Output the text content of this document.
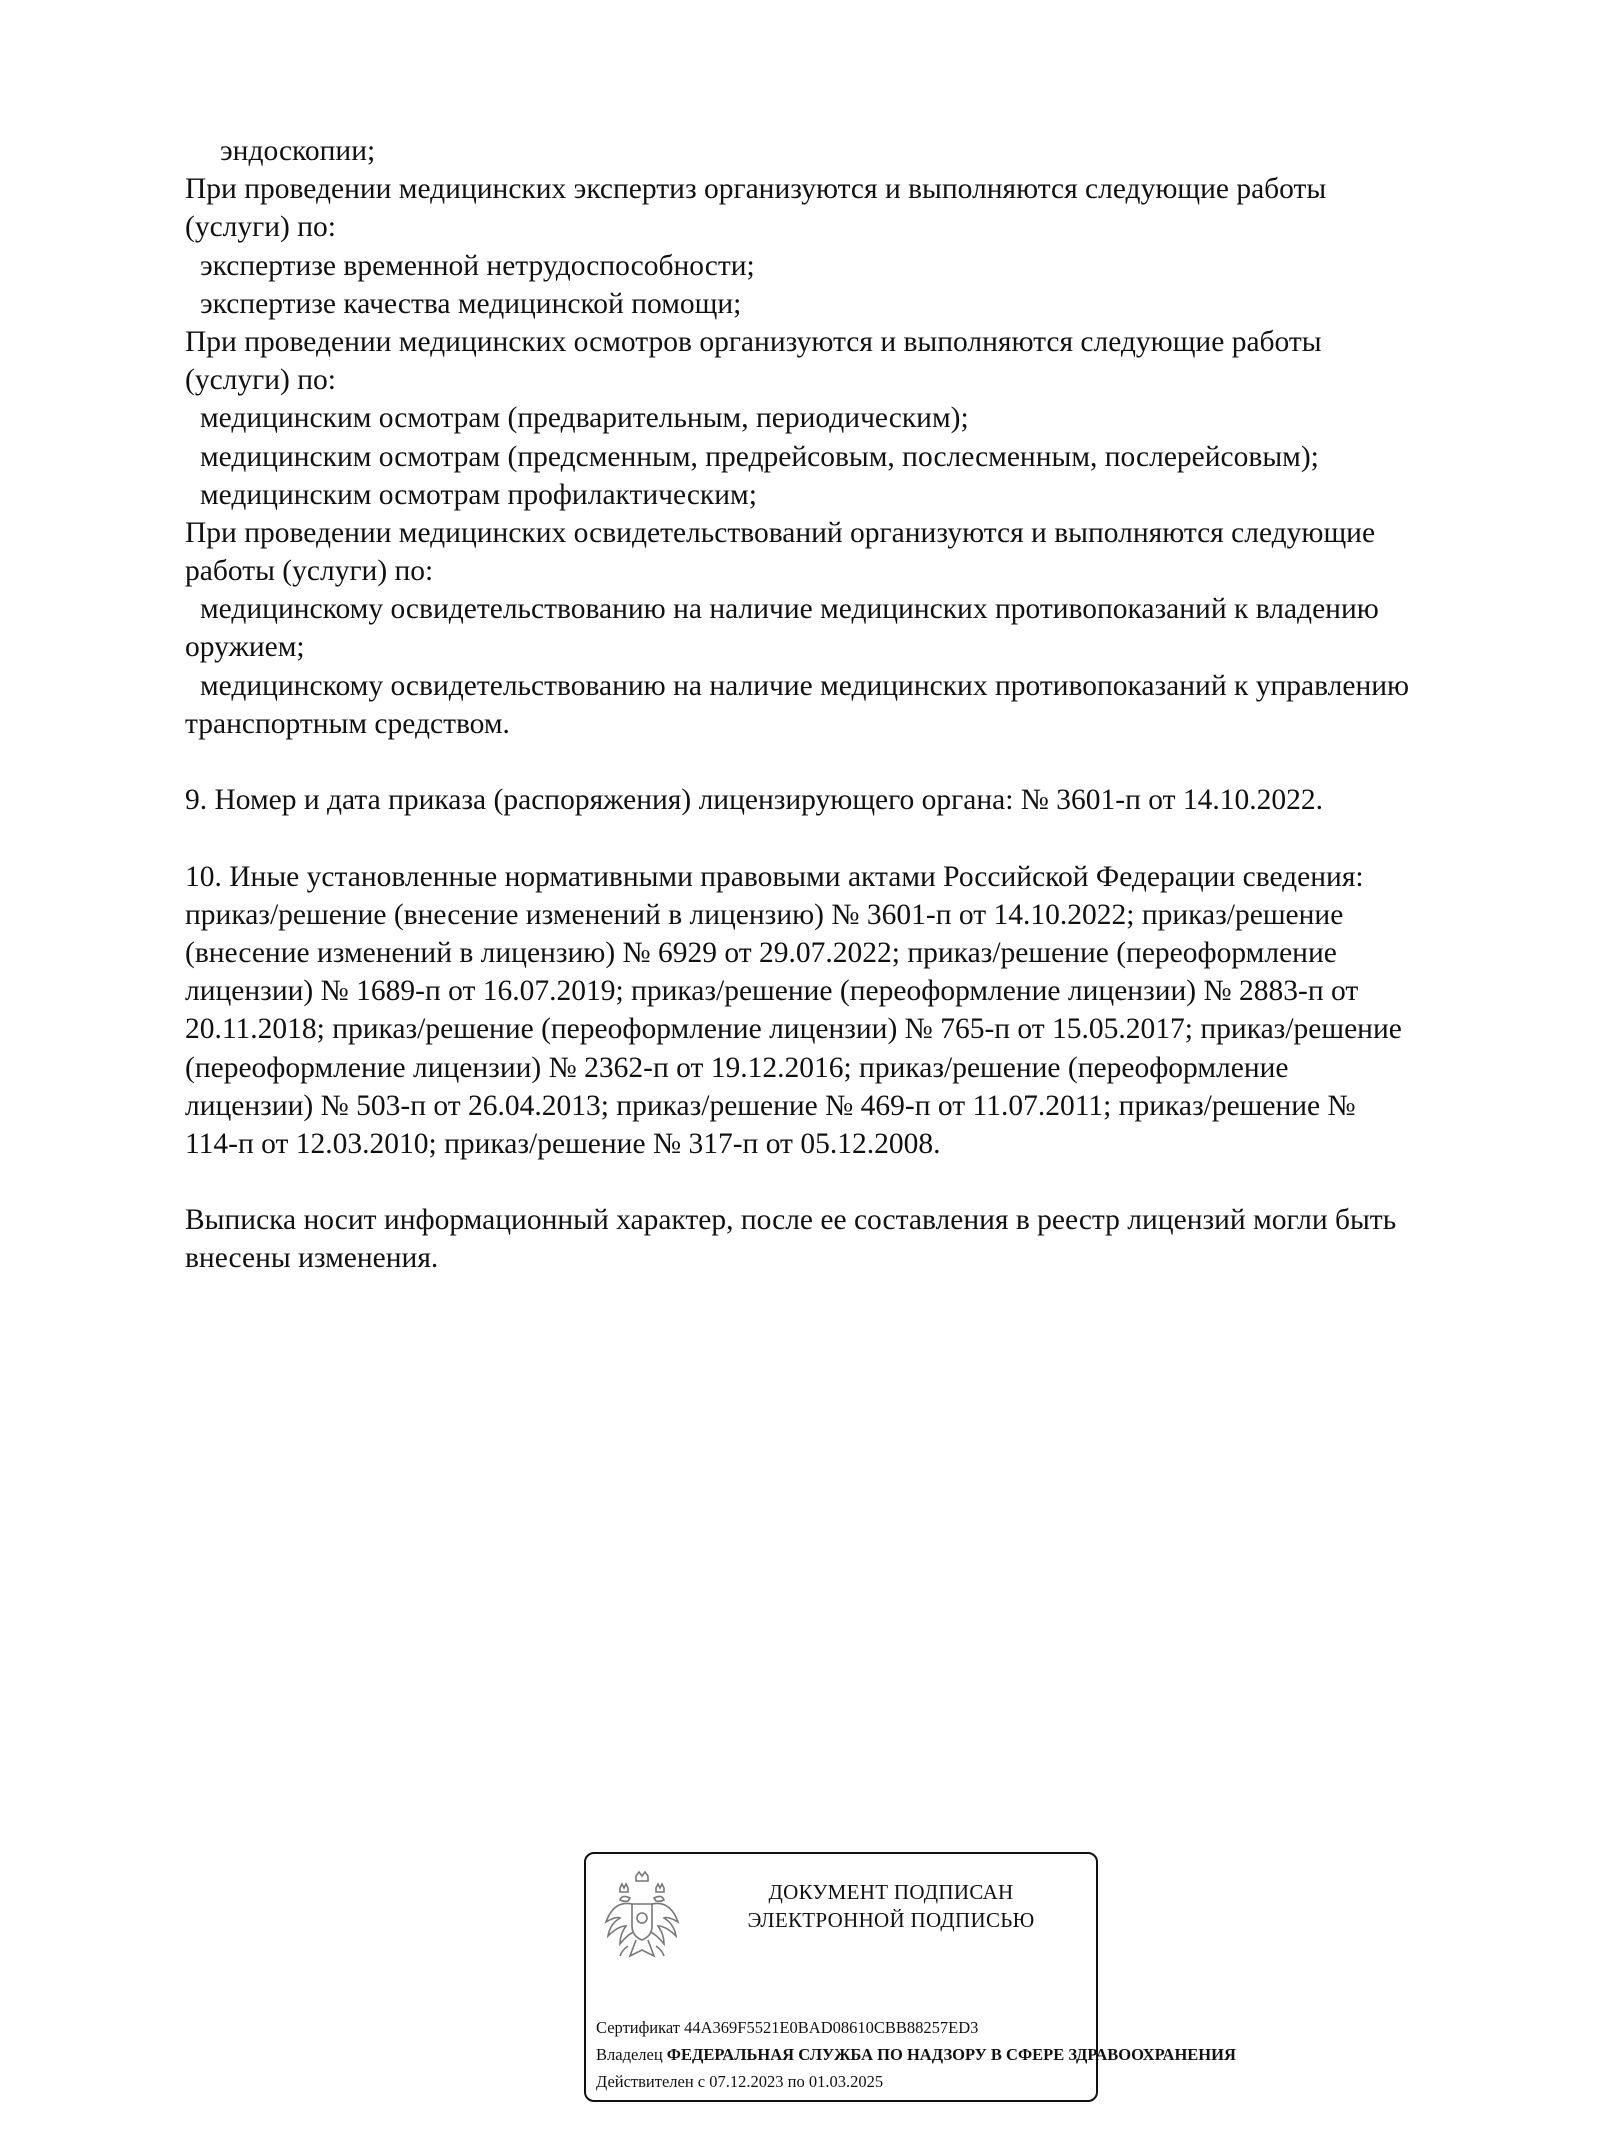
эндоскопии;
При проведении медицинских экспертиз организуются и выполняются следующие работы
(услуги) по:
экспертизе временной нетрудоспособности;
экспертизе качества медицинской помощи;
При проведении медицинских осмотров организуются и выполняются следующие работы
(услуги) по:
медицинским осмотрам (предварительным, периодическим);
медицинским осмотрам (предсменным, предрейсовым, послесменным, послерейсовым);
медицинским осмотрам профилактическим;
При проведении медицинских освидетельствований организуются и выполняются следующие
работы (услуги) по:
медицинскому освидетельствованию на наличие медицинских противопоказаний к владению
оружием;
медицинскому освидетельствованию на наличие медицинских противопоказаний к управлению
транспортным средством.
9. Номер и дата приказа (распоряжения) лицензирующего органа: № 3601-п от 14.10.2022.
10. Иные установленные нормативными правовыми актами Российской Федерации сведения:
приказ/решение (внесение изменений в лицензию) № 3601-п от 14.10.2022; приказ/решение
(внесение изменений в лицензию) № 6929 от 29.07.2022; приказ/решение (переоформление
лицензии) № 1689-п от 16.07.2019; приказ/решение (переоформление лицензии) № 2883-п от
20.11.2018; приказ/решение (переоформление лицензии) № 765-п от 15.05.2017; приказ/решение
(переоформление лицензии) № 2362-п от 19.12.2016; приказ/решение (переоформление
лицензии) № 503-п от 26.04.2013; приказ/решение № 469-п от 11.07.2011; приказ/решение №
114-п от 12.03.2010; приказ/решение № 317-п от 05.12.2008.
Выписка носит информационный характер, после ее составления в реестр лицензий могли быть
внесены изменения.
ДОКУМЕНТ ПОДПИСАН
ЭЛЕКТРОННОЙ ПОДПИСЬЮ
Сертификат 44A369F5521E0BAD08610CBB88257ED3
Владелец ФЕДЕРАЛЬНАЯ СЛУЖБА ПО НАДЗОРУ В СФЕРЕ ЗДРАВООХРАНЕНИЯ
Действителен с 07.12.2023 по 01.03.2025
